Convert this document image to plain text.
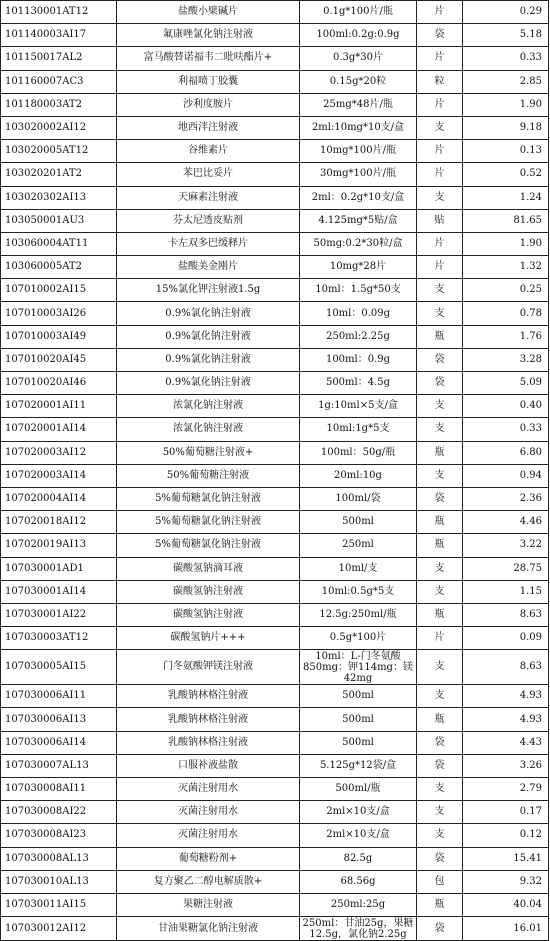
101130001AT12	盐酸小檗碱片	0.1g*100片/瓶	片	0.29
101140003AI17	氟康唑氯化钠注射液	100ml:0.2g:0.9g	袋	5.18
101150017AL2	富马酸替诺福韦二吡呋酯片+	0.3g*30片	片	0.33
101160007AC3	利福喷丁胶囊	0.15g*20粒	粒	2.85
101180003AT2	沙利度胺片	25mg*48片/瓶	片	1.90
103020002AI12	地西泮注射液	2ml:10mg*10支/盒	支	9.18
103020005AT12	谷维素片	10mg*100片/瓶	片	0.13
103020201AT2	苯巴比妥片	30mg*100片/瓶	片	0.52
103020302AI13	天麻素注射液	2ml：0.2g*10支/盒	支	1.24
103050001AU3	芬太尼透皮贴剂	4.125mg*5贴/盒	贴	81.65
103060004AT11	卡左双多巴缓释片	50mg:0.2*30粒/盒	片	1.90
103060005AT2	盐酸美金刚片	10mg*28片	片	1.32
107010002AI15	15%氯化钾注射液1.5g	10ml：1.5g*50支	支	0.25
107010003AI26	0.9%氯化钠注射液	10ml：0.09g	支	0.78
107010003AI49	0.9%氯化钠注射液	250ml:2.25g	瓶	1.76
107010020AI45	0.9%氯化钠注射液	100ml：0.9g	袋	3.28
107010020AI46	0.9%氯化钠注射液	500ml：4.5g	袋	5.09
107020001AI11	浓氯化钠注射液	1g:10ml×5支/盒	支	0.40
107020001AI14	浓氯化钠注射液	10ml:1g*5支	支	0.33
107020003AI12	50%葡萄糖注射液+	100ml：50g/瓶	瓶	6.80
107020003AI14	50%葡萄糖注射液	20ml:10g	支	0.94
107020004AI14	5%葡萄糖氯化钠注射液	100ml/袋	袋	2.36
107020018AI12	5%葡萄糖氯化钠注射液	500ml	瓶	4.46
107020019AI13	5%葡萄糖氯化钠注射液	250ml	瓶	3.22
107030001AD1	碳酸氢钠滴耳液	10ml/支	支	28.75
107030001AI14	碳酸氢钠注射液	10ml:0.5g*5支	支	1.15
107030001AI22	碳酸氢钠注射液	12.5g:250ml/瓶	瓶	8.63
107030003AT12	碳酸氢钠片+++	0.5g*100片	片	0.09
107030005AI15	门冬氨酸钾镁注射液	10ml：L-门冬氨酸850mg：钾114mg：镁42mg	支	8.63
107030006AI11	乳酸钠林格注射液	500ml	支	4.93
107030006AI13	乳酸钠林格注射液	500ml	瓶	4.93
107030006AI14	乳酸钠林格注射液	500ml	袋	4.43
107030007AL13	口服补液盐散	5.125g*12袋/盒	袋	3.26
107030008AI11	灭菌注射用水	500ml/瓶	支	2.79
107030008AI22	灭菌注射用水	2ml×10支/盒	支	0.17
107030008AI23	灭菌注射用水	2ml×10支/盒	支	0.12
107030008AL13	葡萄糖粉剂+	82.5g	袋	15.41
107030010AL13	复方聚乙二醇电解质散+	68.56g	包	9.32
107030011AI15	果糖注射液	250ml:25g	瓶	40.04
107030012AI12	甘油果糖氯化钠注射液	250ml：甘油25g，果糖12.5g，氯化钠2.25g	袋	16.01
